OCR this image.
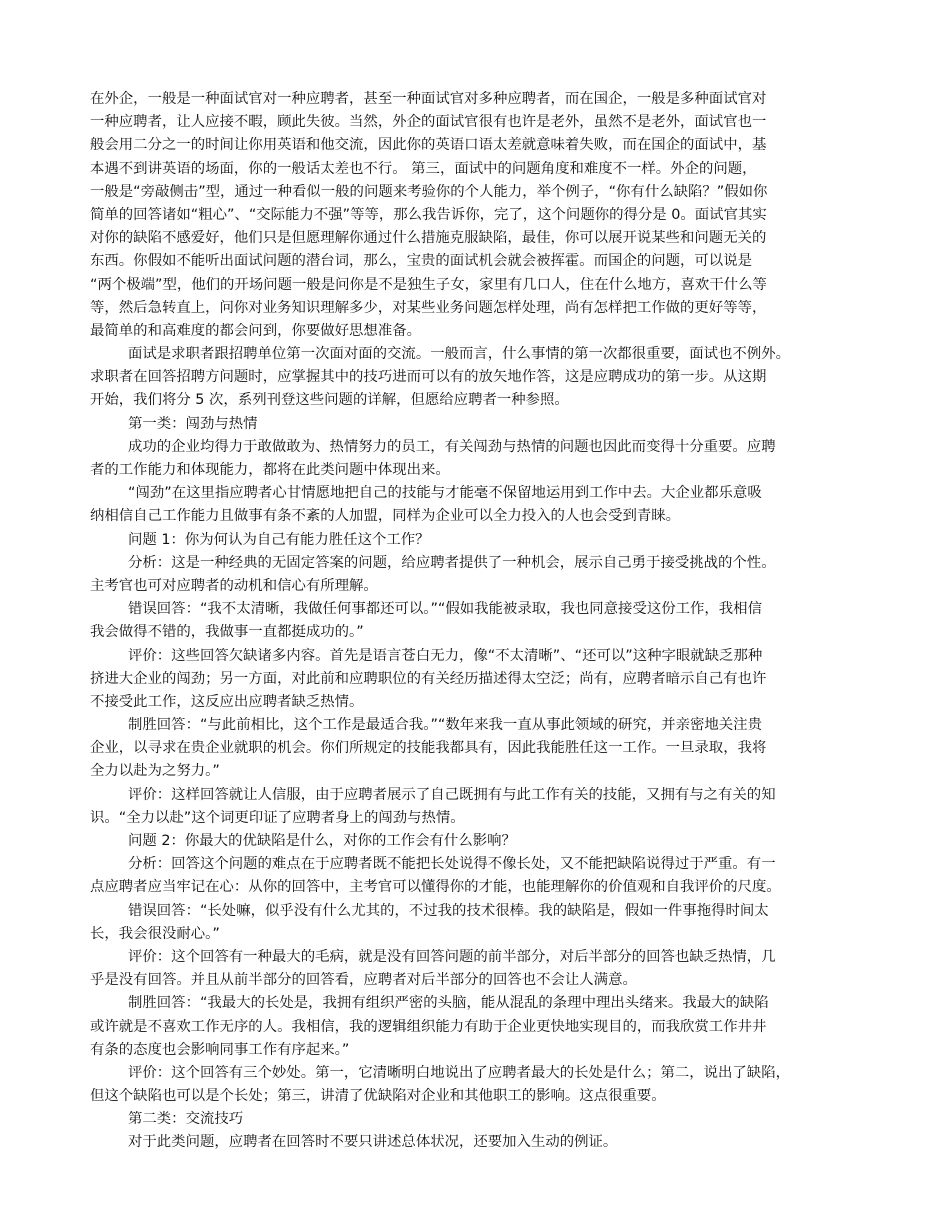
在外企，一般是一种面试官对一种应聘者，甚至一种面试官对多种应聘者，而在国企，一般是多种面试官对
一种应聘者，让人应接不暇，顾此失彼。当然，外企的面试官很有也许是老外，虽然不是老外，面试官也一
般会用二分之一的时间让你用英语和他交流，因此你的英语口语太差就意味着失败，而在国企的面试中，基
本遇不到讲英语的场面，你的一般话太差也不行。 第三，面试中的问题角度和难度不一样。外企的问题，
一般是“旁敲侧击”型，通过一种看似一般的问题来考验你的个人能力，举个例子，“你有什么缺陷？”假如你
简单的回答诸如“粗心”、“交际能力不强”等等，那么我告诉你，完了，这个问题你的得分是 0。面试官其实
对你的缺陷不感爱好，他们只是但愿理解你通过什么措施克服缺陷，最佳，你可以展开说某些和问题无关的
东西。你假如不能听出面试问题的潜台词，那么，宝贵的面试机会就会被挥霍。而国企的问题，可以说是
“两个极端”型，他们的开场问题一般是问你是不是独生子女，家里有几口人，住在什么地方，喜欢干什么等
等，然后急转直上，问你对业务知识理解多少，对某些业务问题怎样处理，尚有怎样把工作做的更好等等，
最简单的和高难度的都会问到，你要做好思想准备。
面试是求职者跟招聘单位第一次面对面的交流。一般而言，什么事情的第一次都很重要，面试也不例外。
求职者在回答招聘方问题时，应掌握其中的技巧进而可以有的放矢地作答，这是应聘成功的第一步。从这期
开始，我们将分 5 次，系列刊登这些问题的详解，但愿给应聘者一种参照。
第一类：闯劲与热情
成功的企业均得力于敢做敢为、热情努力的员工，有关闯劲与热情的问题也因此而变得十分重要。应聘
者的工作能力和体现能力，都将在此类问题中体现出来。
“闯劲”在这里指应聘者心甘情愿地把自己的技能与才能毫不保留地运用到工作中去。大企业都乐意吸
纳相信自己工作能力且做事有条不紊的人加盟，同样为企业可以全力投入的人也会受到青睐。
问题 1：你为何认为自己有能力胜任这个工作？
分析：这是一种经典的无固定答案的问题，给应聘者提供了一种机会，展示自己勇于接受挑战的个性。
主考官也可对应聘者的动机和信心有所理解。
错误回答：“我不太清晰，我做任何事都还可以。”“假如我能被录取，我也同意接受这份工作，我相信
我会做得不错的，我做事一直都挺成功的。”
评价：这些回答欠缺诸多内容。首先是语言苍白无力，像“不太清晰”、“还可以”这种字眼就缺乏那种
挤进大企业的闯劲；另一方面，对此前和应聘职位的有关经历描述得太空泛；尚有，应聘者暗示自己有也许
不接受此工作，这反应出应聘者缺乏热情。
制胜回答：“与此前相比，这个工作是最适合我。”“数年来我一直从事此领域的研究，并亲密地关注贵
企业，以寻求在贵企业就职的机会。你们所规定的技能我都具有，因此我能胜任这一工作。一旦录取，我将
全力以赴为之努力。”
评价：这样回答就让人信服，由于应聘者展示了自己既拥有与此工作有关的技能，又拥有与之有关的知
识。“全力以赴”这个词更印证了应聘者身上的闯劲与热情。
问题 2：你最大的优缺陷是什么，对你的工作会有什么影响？
分析：回答这个问题的难点在于应聘者既不能把长处说得不像长处，又不能把缺陷说得过于严重。有一
点应聘者应当牢记在心：从你的回答中，主考官可以懂得你的才能，也能理解你的价值观和自我评价的尺度。
错误回答：“长处嘛，似乎没有什么尤其的，不过我的技术很棒。我的缺陷是，假如一件事拖得时间太
长，我会很没耐心。”
评价：这个回答有一种最大的毛病，就是没有回答问题的前半部分，对后半部分的回答也缺乏热情，几
乎是没有回答。并且从前半部分的回答看，应聘者对后半部分的回答也不会让人满意。
制胜回答：“我最大的长处是，我拥有组织严密的头脑，能从混乱的条理中理出头绪来。我最大的缺陷
或许就是不喜欢工作无序的人。我相信，我的逻辑组织能力有助于企业更快地实现目的，而我欣赏工作井井
有条的态度也会影响同事工作有序起来。”
评价：这个回答有三个妙处。第一，它清晰明白地说出了应聘者最大的长处是什么；第二，说出了缺陷，
但这个缺陷也可以是个长处；第三，讲清了优缺陷对企业和其他职工的影响。这点很重要。
第二类：交流技巧
对于此类问题，应聘者在回答时不要只讲述总体状况，还要加入生动的例证。
